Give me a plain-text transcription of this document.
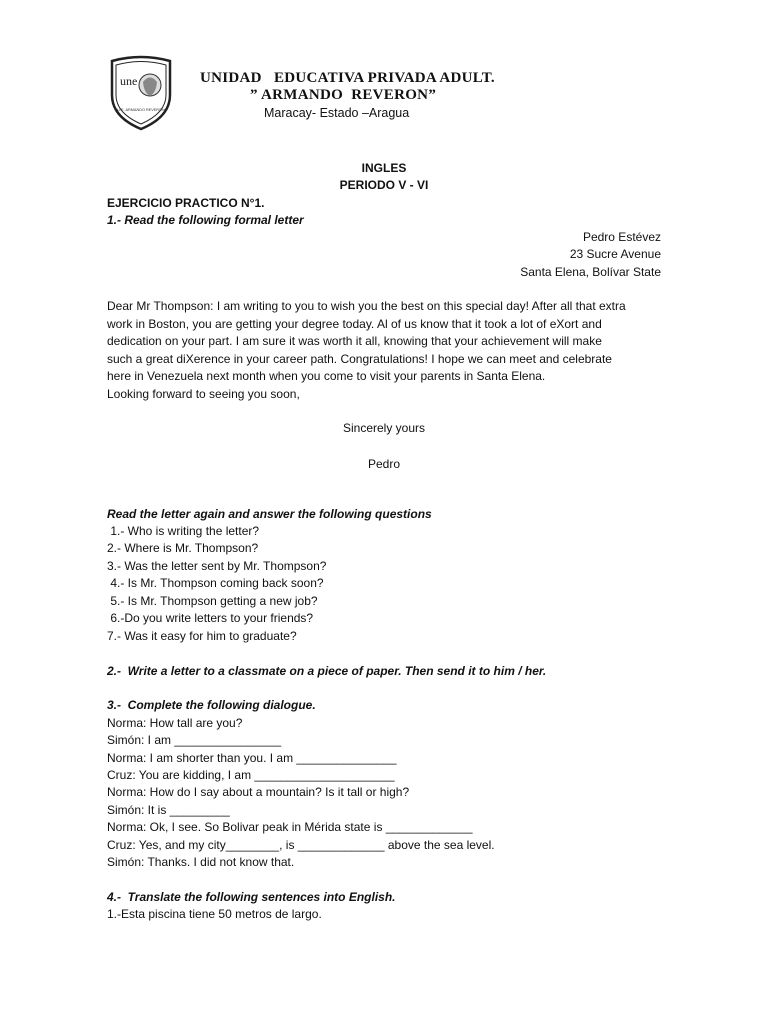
une
U.E. ARMANDO REVERON
UNIDAD   EDUCATIVA PRIVADA ADULT.
” ARMANDO  REVERON”
Maracay- Estado –Aragua
INGLES
PERIODO V - VI
EJERCICIO PRACTICO N°1.
1.- Read the following formal letter
Pedro Estévez
23 Sucre Avenue
Santa Elena, Bolívar State
Dear Mr Thompson: I am writing to you to wish you the best on this special day! After all that extra
work in Boston, you are getting your degree today. Al of us know that it took a lot of eXort and
dedication on your part. I am sure it was worth it all, knowing that your achievement will make
such a great diXerence in your career path. Congratulations! I hope we can meet and celebrate
here in Venezuela next month when you come to visit your parents in Santa Elena.
Looking forward to seeing you soon,
Sincerely yours
Pedro
Read the letter again and answer the following questions
1.- Who is writing the letter?
2.- Where is Mr. Thompson?
3.- Was the letter sent by Mr. Thompson?
4.- Is Mr. Thompson coming back soon?
5.- Is Mr. Thompson getting a new job?
6.-Do you write letters to your friends?
7.- Was it easy for him to graduate?
2.-  Write a letter to a classmate on a piece of paper. Then send it to him / her.
3.-  Complete the following dialogue.
Norma: How tall are you?
Simón: I am ________________
Norma: I am shorter than you. I am _______________
Cruz: You are kidding, I am _____________________
Norma: How do I say about a mountain? Is it tall or high?
Simón: It is _________
Norma: Ok, I see. So Bolivar peak in Mérida state is _____________
Cruz: Yes, and my city________, is _____________ above the sea level.
Simón: Thanks. I did not know that.
4.-  Translate the following sentences into English.
1.-Esta piscina tiene 50 metros de largo.
